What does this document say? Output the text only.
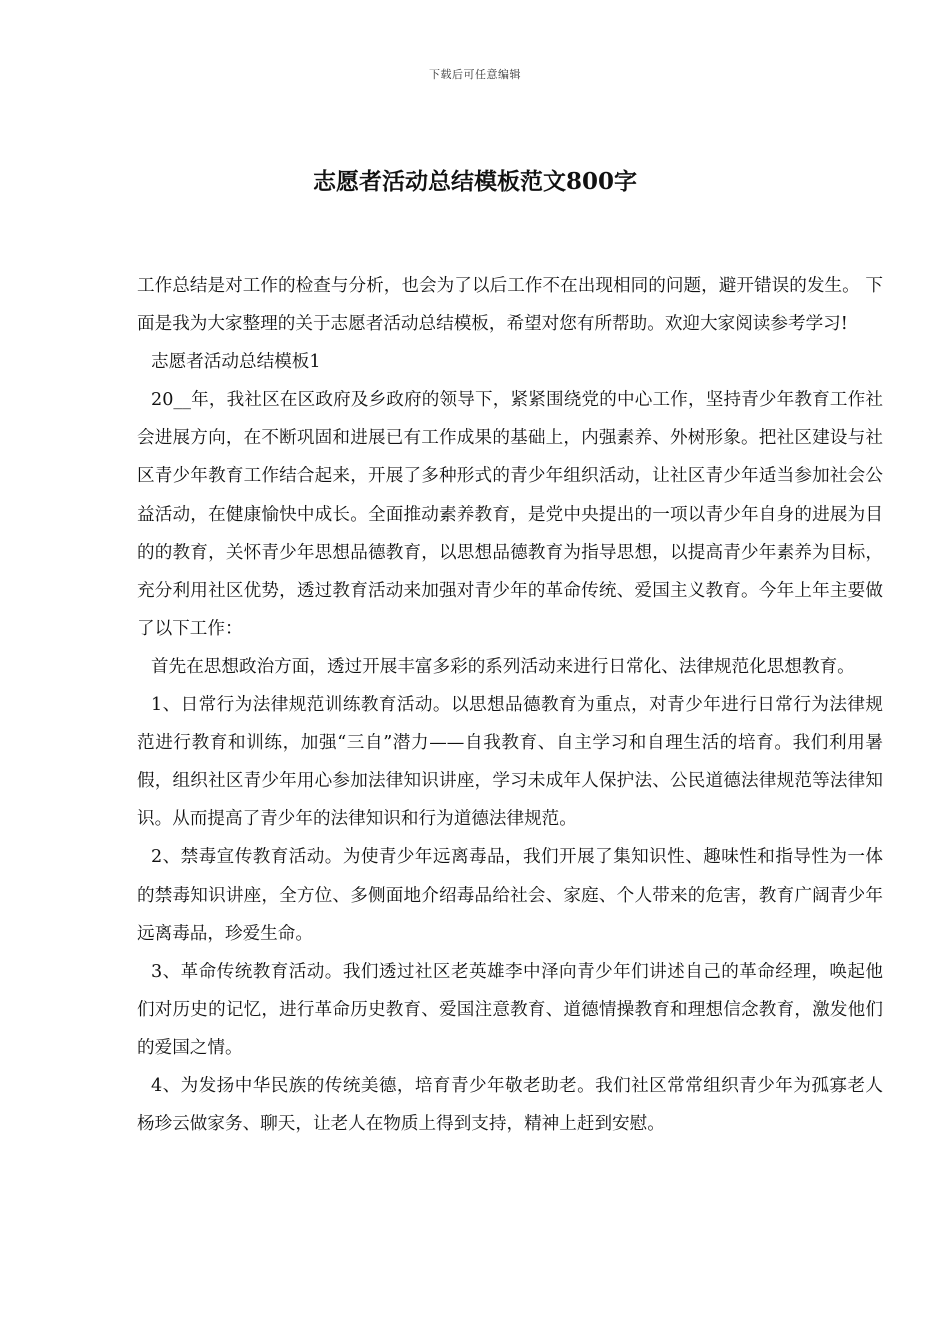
下载后可任意编辑
志愿者活动总结模板范文800字

工作总结是对工作的检查与分析，也会为了以后工作不在出现相同的问题，避开错误的发生。 下面是我为大家整理的关于志愿者活动总结模板，希望对您有所帮助。欢迎大家阅读参考学习!

志愿者活动总结模板1

20__年，我社区在区政府及乡政府的领导下，紧紧围绕党的中心工作，坚持青少年教育工作社会进展方向，在不断巩固和进展已有工作成果的基础上，内强素养、外树形象。把社区建设与社区青少年教育工作结合起来，开展了多种形式的青少年组织活动，让社区青少年适当参加社会公益活动，在健康愉快中成长。全面推动素养教育，是党中央提出的一项以青少年自身的进展为目的的教育，关怀青少年思想品德教育，以思想品德教育为指导思想，以提高青少年素养为目标，充分利用社区优势，透过教育活动来加强对青少年的革命传统、爱国主义教育。今年上年主要做了以下工作：

首先在思想政治方面，透过开展丰富多彩的系列活动来进行日常化、法律规范化思想教育。

1、日常行为法律规范训练教育活动。以思想品德教育为重点，对青少年进行日常行为法律规范进行教育和训练，加强“三自”潜力——自我教育、自主学习和自理生活的培育。我们利用暑假，组织社区青少年用心参加法律知识讲座，学习未成年人保护法、公民道德法律规范等法律知识。从而提高了青少年的法律知识和行为道德法律规范。

2、禁毒宣传教育活动。为使青少年远离毒品，我们开展了集知识性、趣味性和指导性为一体的禁毒知识讲座，全方位、多侧面地介绍毒品给社会、家庭、个人带来的危害，教育广阔青少年远离毒品，珍爱生命。

3、革命传统教育活动。我们透过社区老英雄李中泽向青少年们讲述自己的革命经理，唤起他们对历史的记忆，进行革命历史教育、爱国注意教育、道德情操教育和理想信念教育，激发他们的爱国之情。

4、为发扬中华民族的传统美德，培育青少年敬老助老。我们社区常常组织青少年为孤寡老人杨珍云做家务、聊天，让老人在物质上得到支持，精神上赶到安慰。
